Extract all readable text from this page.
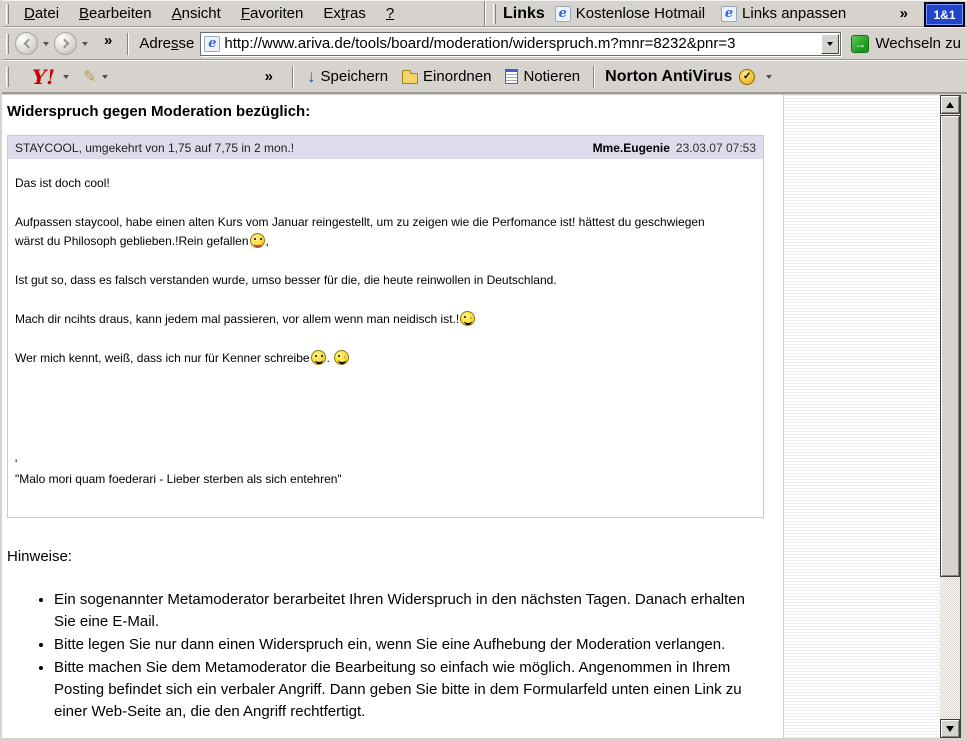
Datei	Bearbeiten	Ansicht	Favoriten	Extras	?	Links e Kostenlose Hotmail e Links anpassen	»	1&1
» Adresse e http://www.ariva.de/tools/board/moderation/widerspruch.m?mnr=8232&pnr=3	→ Wechseln zu
Y! ✎	» ↓ Speichern Einordnen Notieren Norton AntiVirus	✓
Widerspruch gegen Moderation bezüglich:
STAYCOOL, umgekehrt von 1,75 auf 7,75 in 2 mon.!	Mme.Eugenie 23.03.07 07:53

Das ist doch cool!

Aufpassen staycool, habe einen alten Kurs vom Januar reingestellt, um zu zeigen wie die Perfomance ist! hättest du geschwiegen wärst du Philosoph geblieben.!Rein gefallen ,

Ist gut so, dass es falsch verstanden wurde, umso besser für die, die heute reinwollen in Deutschland.

Mach dir ncihts draus, kann jedem mal passieren, vor allem wenn man neidisch ist.!

Wer mich kennt, weiß, dass ich nur für Kenner schreibe .

'
"Malo mori quam foederari - Lieber sterben als sich entehren"
Hinweise:
• Ein sogenannter Metamoderator berarbeitet Ihren Widerspruch in den nächsten Tagen. Danach erhalten Sie eine E-Mail.
• Bitte legen Sie nur dann einen Widerspruch ein, wenn Sie eine Aufhebung der Moderation verlangen.
• Bitte machen Sie dem Metamoderator die Bearbeitung so einfach wie möglich. Angenommen in Ihrem Posting befindet sich ein verbaler Angriff. Dann geben Sie bitte in dem Formularfeld unten einen Link zu einer Web-Seite an, die den Angriff rechtfertigt.
